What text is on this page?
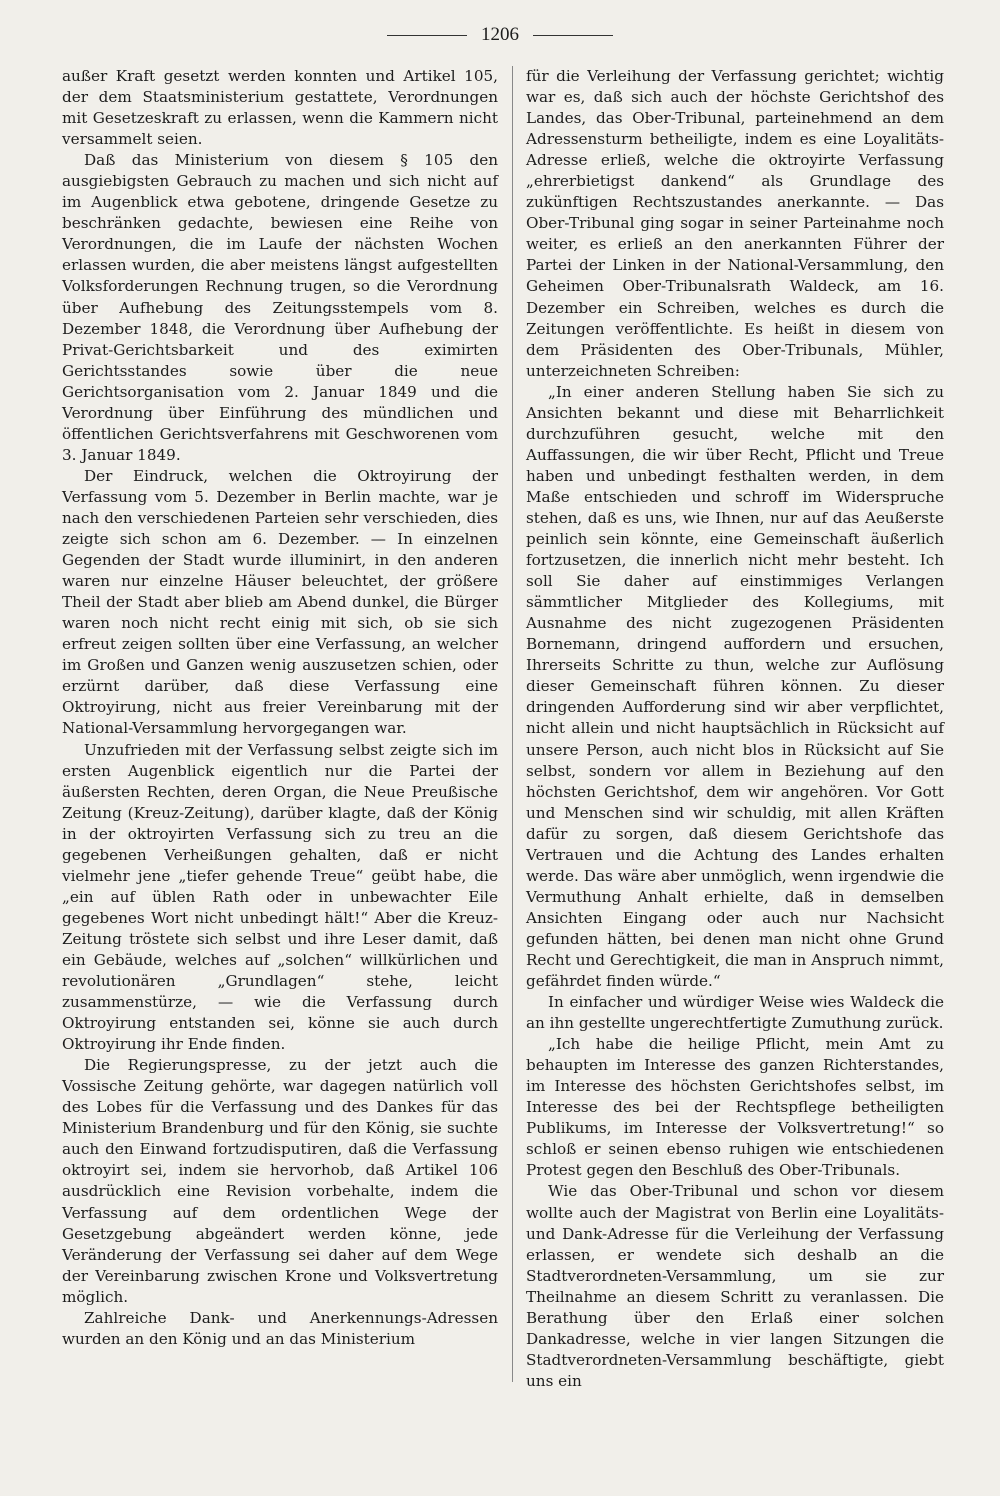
1206

außer Kraft gesetzt werden konnten und Artikel 105, der dem Staatsministerium gestattete, Verordnungen mit Gesetzeskraft zu erlassen, wenn die Kammern nicht versammelt seien.

Daß das Ministerium von diesem § 105 den ausgiebigsten Gebrauch zu machen und sich nicht auf im Augenblick etwa gebotene, dringende Gesetze zu beschränken gedachte, bewiesen eine Reihe von Verordnungen, die im Laufe der nächsten Wochen erlassen wurden, die aber meistens längst aufgestellten Volksforderungen Rechnung trugen, so die Verordnung über Aufhebung des Zeitungsstempels vom 8. Dezember 1848, die Verordnung über Aufhebung der Privat-Gerichtsbarkeit und des eximirten Gerichtsstandes sowie über die neue Gerichtsorganisation vom 2. Januar 1849 und die Verordnung über Einführung des mündlichen und öffentlichen Gerichtsverfahrens mit Geschworenen vom 3. Januar 1849.

Der Eindruck, welchen die Oktroyirung der Verfassung vom 5. Dezember in Berlin machte, war je nach den verschiedenen Parteien sehr verschieden, dies zeigte sich schon am 6. Dezember. — In einzelnen Gegenden der Stadt wurde illuminirt, in den anderen waren nur einzelne Häuser beleuchtet, der größere Theil der Stadt aber blieb am Abend dunkel, die Bürger waren noch nicht recht einig mit sich, ob sie sich erfreut zeigen sollten über eine Verfassung, an welcher im Großen und Ganzen wenig auszusetzen schien, oder erzürnt darüber, daß diese Verfassung eine Oktroyirung, nicht aus freier Vereinbarung mit der National-Versammlung hervorgegangen war.

Unzufrieden mit der Verfassung selbst zeigte sich im ersten Augenblick eigentlich nur die Partei der äußersten Rechten, deren Organ, die Neue Preußische Zeitung (Kreuz-Zeitung), darüber klagte, daß der König in der oktroyirten Verfassung sich zu treu an die gegebenen Verheißungen gehalten, daß er nicht vielmehr jene „tiefer gehende Treue“ geübt habe, die „ein auf üblen Rath oder in unbewachter Eile gegebenes Wort nicht unbedingt hält!“ Aber die Kreuz-Zeitung tröstete sich selbst und ihre Leser damit, daß ein Gebäude, welches auf „solchen“ willkürlichen und revolutionären „Grundlagen“ stehe, leicht zusammenstürze, — wie die Verfassung durch Oktroyirung entstanden sei, könne sie auch durch Oktroyirung ihr Ende finden.

Die Regierungspresse, zu der jetzt auch die Vossische Zeitung gehörte, war dagegen natürlich voll des Lobes für die Verfassung und des Dankes für das Ministerium Brandenburg und für den König, sie suchte auch den Einwand fortzudisputiren, daß die Verfassung oktroyirt sei, indem sie hervorhob, daß Artikel 106 ausdrücklich eine Revision vorbehalte, indem die Verfassung auf dem ordentlichen Wege der Gesetzgebung abgeändert werden könne, jede Veränderung der Verfassung sei daher auf dem Wege der Vereinbarung zwischen Krone und Volksvertretung möglich.

Zahlreiche Dank- und Anerkennungs-Adressen wurden an den König und an das Ministerium

für die Verleihung der Verfassung gerichtet; wichtig war es, daß sich auch der höchste Gerichtshof des Landes, das Ober-Tribunal, parteinehmend an dem Adressensturm betheiligte, indem es eine Loyalitäts-Adresse erließ, welche die oktroyirte Verfassung „ehrerbietigst dankend“ als Grundlage des zukünftigen Rechtszustandes anerkannte. — Das Ober-Tribunal ging sogar in seiner Parteinahme noch weiter, es erließ an den anerkannten Führer der Partei der Linken in der National-Versammlung, den Geheimen Ober-Tribunalsrath Waldeck, am 16. Dezember ein Schreiben, welches es durch die Zeitungen veröffentlichte. Es heißt in diesem von dem Präsidenten des Ober-Tribunals, Mühler, unterzeichneten Schreiben:

„In einer anderen Stellung haben Sie sich zu Ansichten bekannt und diese mit Beharrlichkeit durchzuführen gesucht, welche mit den Auffassungen, die wir über Recht, Pflicht und Treue haben und unbedingt festhalten werden, in dem Maße entschieden und schroff im Widerspruche stehen, daß es uns, wie Ihnen, nur auf das Aeußerste peinlich sein könnte, eine Gemeinschaft äußerlich fortzusetzen, die innerlich nicht mehr besteht. Ich soll Sie daher auf einstimmiges Verlangen sämmtlicher Mitglieder des Kollegiums, mit Ausnahme des nicht zugezogenen Präsidenten Bornemann, dringend auffordern und ersuchen, Ihrerseits Schritte zu thun, welche zur Auflösung dieser Gemeinschaft führen können. Zu dieser dringenden Aufforderung sind wir aber verpflichtet, nicht allein und nicht hauptsächlich in Rücksicht auf unsere Person, auch nicht blos in Rücksicht auf Sie selbst, sondern vor allem in Beziehung auf den höchsten Gerichtshof, dem wir angehören. Vor Gott und Menschen sind wir schuldig, mit allen Kräften dafür zu sorgen, daß diesem Gerichtshofe das Vertrauen und die Achtung des Landes erhalten werde. Das wäre aber unmöglich, wenn irgendwie die Vermuthung Anhalt erhielte, daß in demselben Ansichten Eingang oder auch nur Nachsicht gefunden hätten, bei denen man nicht ohne Grund Recht und Gerechtigkeit, die man in Anspruch nimmt, gefährdet finden würde.“

In einfacher und würdiger Weise wies Waldeck die an ihn gestellte ungerechtfertigte Zumuthung zurück.

„Ich habe die heilige Pflicht, mein Amt zu behaupten im Interesse des ganzen Richterstandes, im Interesse des höchsten Gerichtshofes selbst, im Interesse des bei der Rechtspflege betheiligten Publikums, im Interesse der Volksvertretung!“ so schloß er seinen ebenso ruhigen wie entschiedenen Protest gegen den Beschluß des Ober-Tribunals.

Wie das Ober-Tribunal und schon vor diesem wollte auch der Magistrat von Berlin eine Loyalitäts- und Dank-Adresse für die Verleihung der Verfassung erlassen, er wendete sich deshalb an die Stadtverordneten-Versammlung, um sie zur Theilnahme an diesem Schritt zu veranlassen. Die Berathung über den Erlaß einer solchen Dankadresse, welche in vier langen Sitzungen die Stadtverordneten-Versammlung beschäftigte, giebt uns ein
